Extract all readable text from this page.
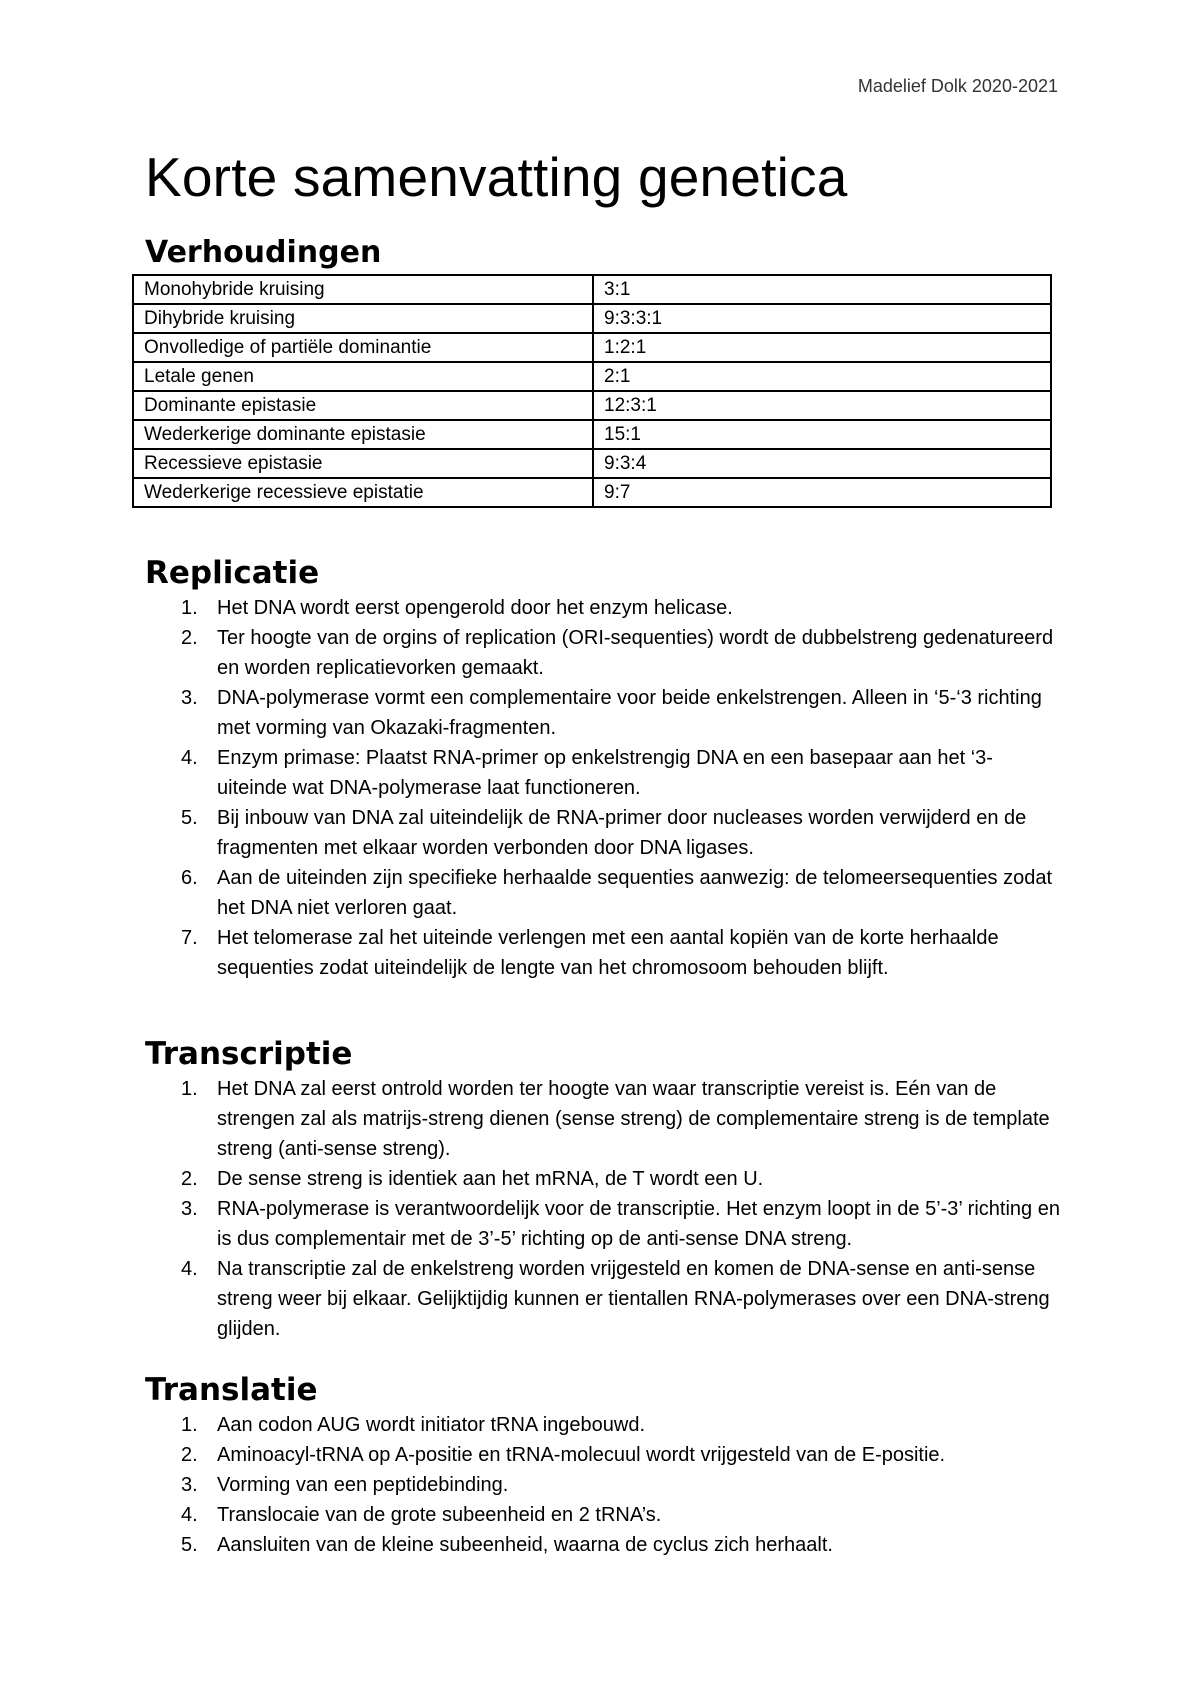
Madelief Dolk 2020-2021
Korte samenvatting genetica
Verhoudingen
Monohybride kruising	3:1
Dihybride kruising	9:3:3:1
Onvolledige of partiële dominantie	1:2:1
Letale genen	2:1
Dominante epistasie	12:3:1
Wederkerige dominante epistasie	15:1
Recessieve epistasie	9:3:4
Wederkerige recessieve epistatie	9:7
Replicatie
1. Het DNA wordt eerst opengerold door het enzym helicase.
2. Ter hoogte van de orgins of replication (ORI-sequenties) wordt de dubbelstreng gedenatureerd en worden replicatievorken gemaakt.
3. DNA-polymerase vormt een complementaire voor beide enkelstrengen. Alleen in ‘5-‘3 richting met vorming van Okazaki-fragmenten.
4. Enzym primase: Plaatst RNA-primer op enkelstrengig DNA en een basepaar aan het ‘3-uiteinde wat DNA-polymerase laat functioneren.
5. Bij inbouw van DNA zal uiteindelijk de RNA-primer door nucleases worden verwijderd en de fragmenten met elkaar worden verbonden door DNA ligases.
6. Aan de uiteinden zijn specifieke herhaalde sequenties aanwezig: de telomeersequenties zodat het DNA niet verloren gaat.
7. Het telomerase zal het uiteinde verlengen met een aantal kopiën van de korte herhaalde sequenties zodat uiteindelijk de lengte van het chromosoom behouden blijft.
Transcriptie
1. Het DNA zal eerst ontrold worden ter hoogte van waar transcriptie vereist is. Eén van de strengen zal als matrijs-streng dienen (sense streng) de complementaire streng is de template streng (anti-sense streng).
2. De sense streng is identiek aan het mRNA, de T wordt een U.
3. RNA-polymerase is verantwoordelijk voor de transcriptie. Het enzym loopt in de 5’-3’ richting en is dus complementair met de 3’-5’ richting op de anti-sense DNA streng.
4. Na transcriptie zal de enkelstreng worden vrijgesteld en komen de DNA-sense en anti-sense streng weer bij elkaar. Gelijktijdig kunnen er tientallen RNA-polymerases over een DNA-streng glijden.
Translatie
1. Aan codon AUG wordt initiator tRNA ingebouwd.
2. Aminoacyl-tRNA op A-positie en tRNA-molecuul wordt vrijgesteld van de E-positie.
3. Vorming van een peptidebinding.
4. Translocaie van de grote subeenheid en 2 tRNA’s.
5. Aansluiten van de kleine subeenheid, waarna de cyclus zich herhaalt.
